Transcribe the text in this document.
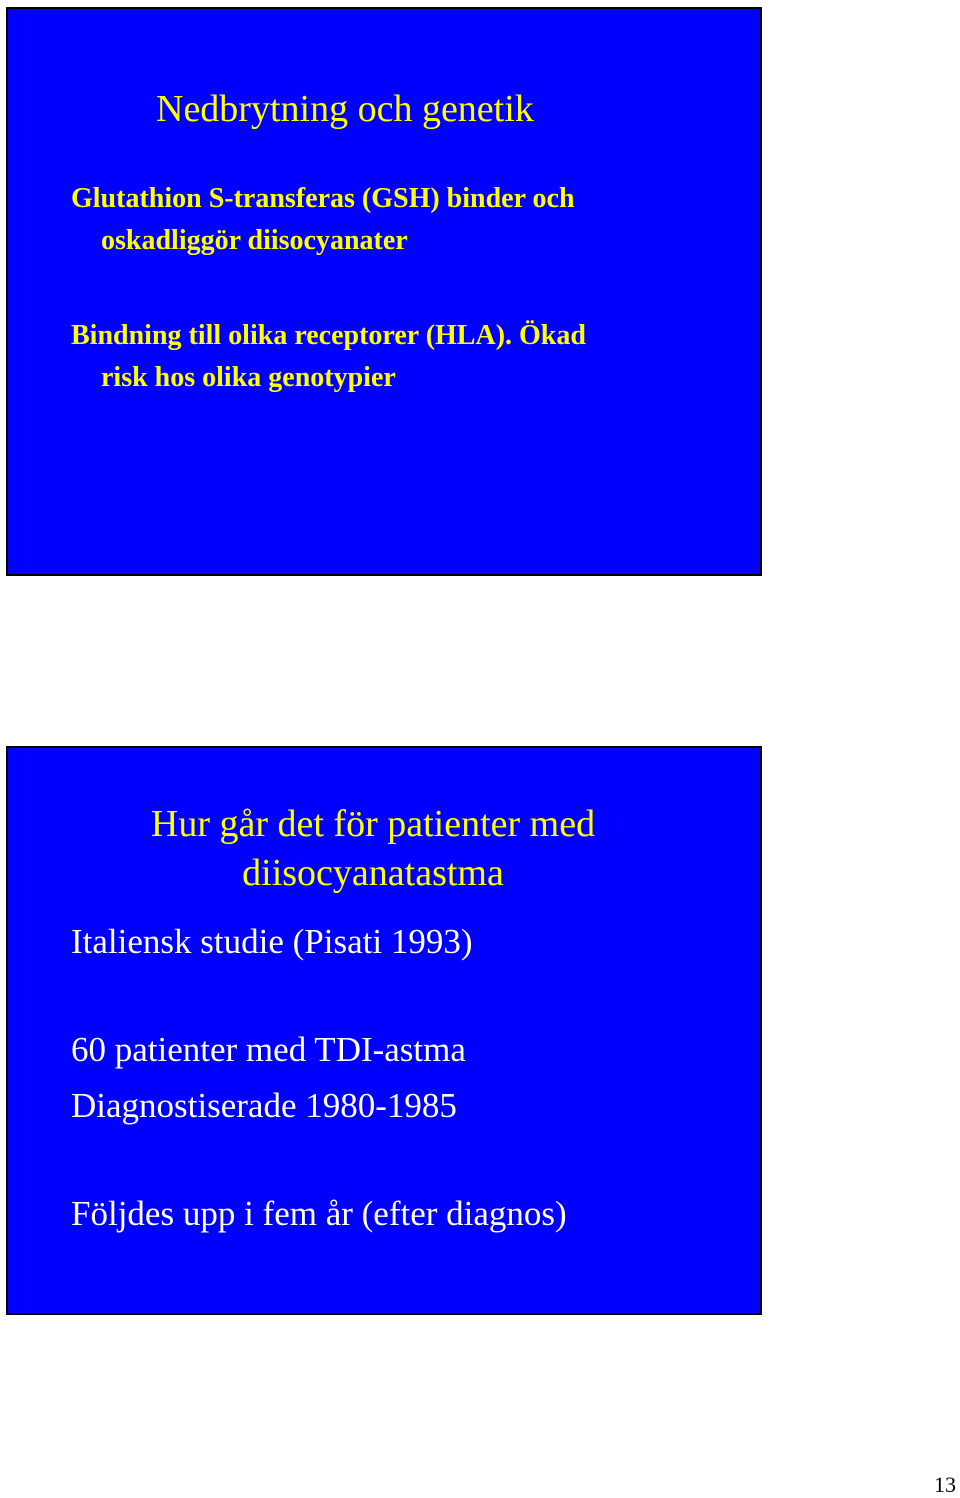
Nedbrytning och genetik
Glutathion S-transferas (GSH) binder och
oskadliggör diisocyanater
Bindning till olika receptorer (HLA). Ökad
risk hos olika genotypier
Hur går det för patienter med
diisocyanatastma
Italiensk studie (Pisati 1993)
60 patienter med TDI-astma
Diagnostiserade 1980-1985
Följdes upp i fem år (efter diagnos)
13
